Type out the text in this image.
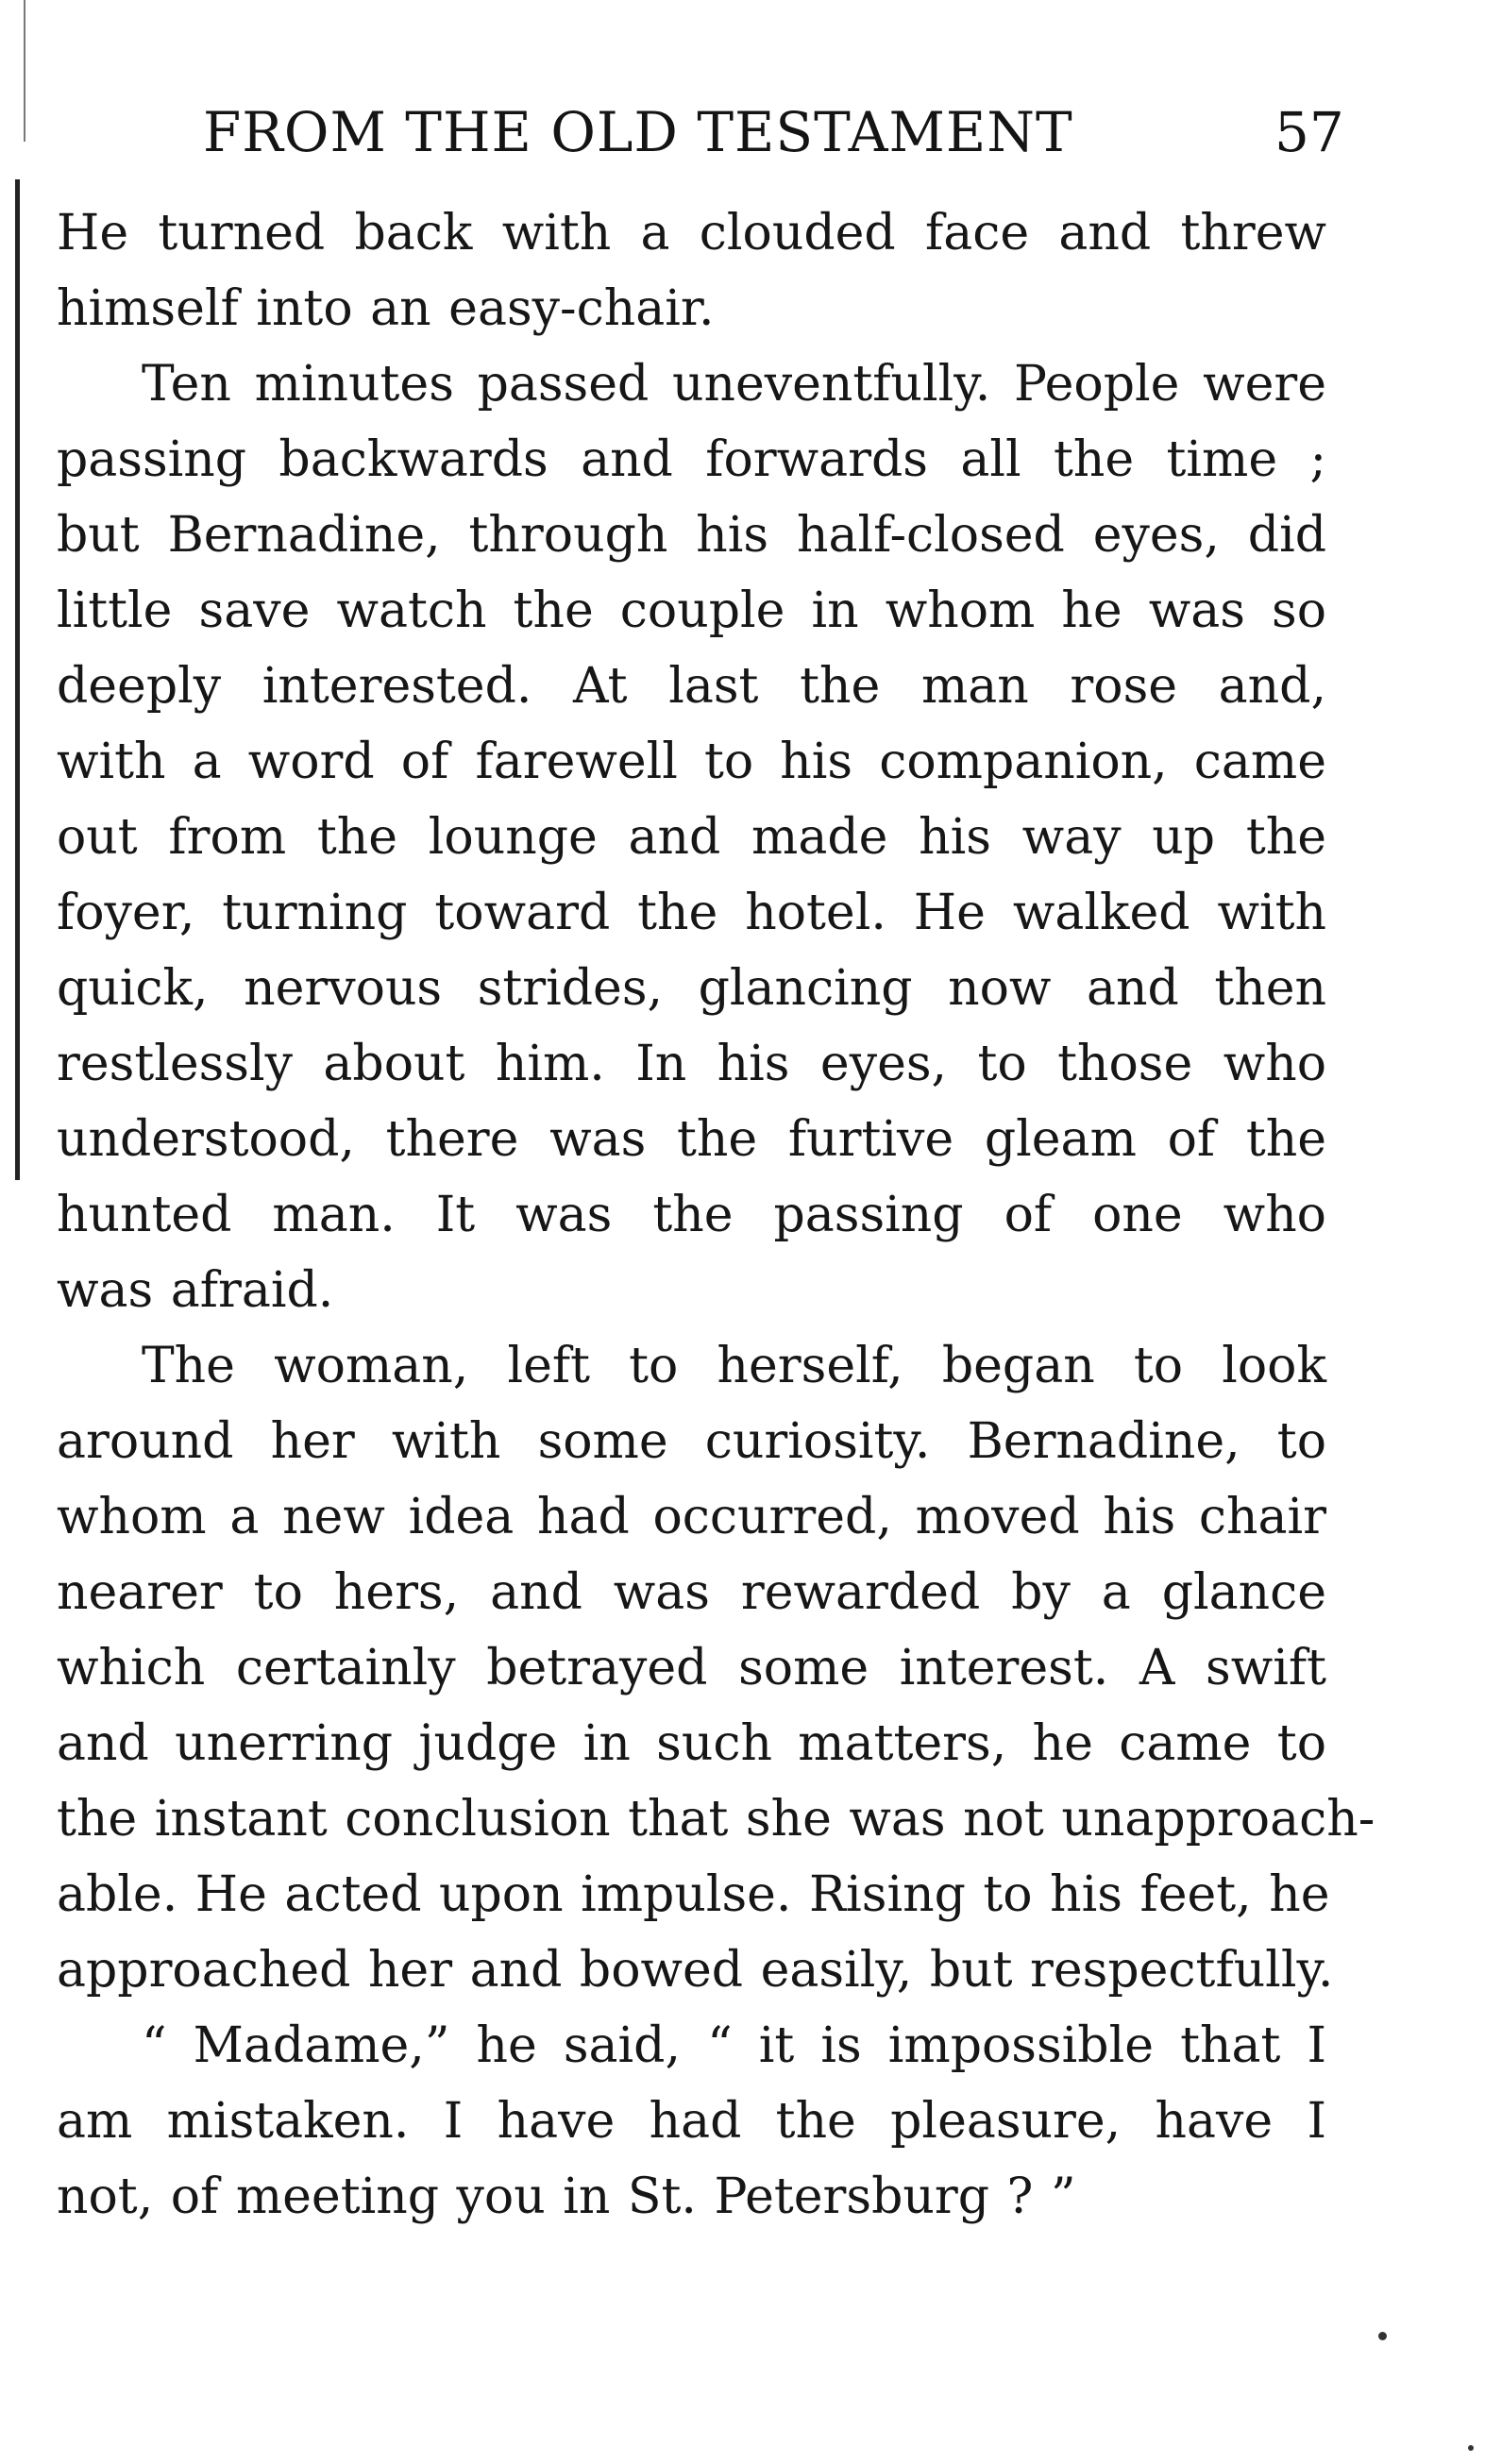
FROM THE OLD TESTAMENT	57
He turned back with a clouded face and threw
himself into an easy-chair.
Ten minutes passed uneventfully. People were
passing backwards and forwards all the time ;
but Bernadine, through his half-closed eyes, did
little save watch the couple in whom he was so
deeply interested. At last the man rose and,
with a word of farewell to his companion, came
out from the lounge and made his way up the
foyer, turning toward the hotel. He walked with
quick, nervous strides, glancing now and then
restlessly about him. In his eyes, to those who
understood, there was the furtive gleam of the
hunted man. It was the passing of one who
was afraid.
The woman, left to herself, began to look
around her with some curiosity. Bernadine, to
whom a new idea had occurred, moved his chair
nearer to hers, and was rewarded by a glance
which certainly betrayed some interest. A swift
and unerring judge in such matters, he came to
the instant conclusion that she was not unapproach-
able. He acted upon impulse. Rising to his feet, he
approached her and bowed easily, but respectfully.
“ Madame,” he said, “ it is impossible that I
am mistaken. I have had the pleasure, have I
not, of meeting you in St. Petersburg ? ”
